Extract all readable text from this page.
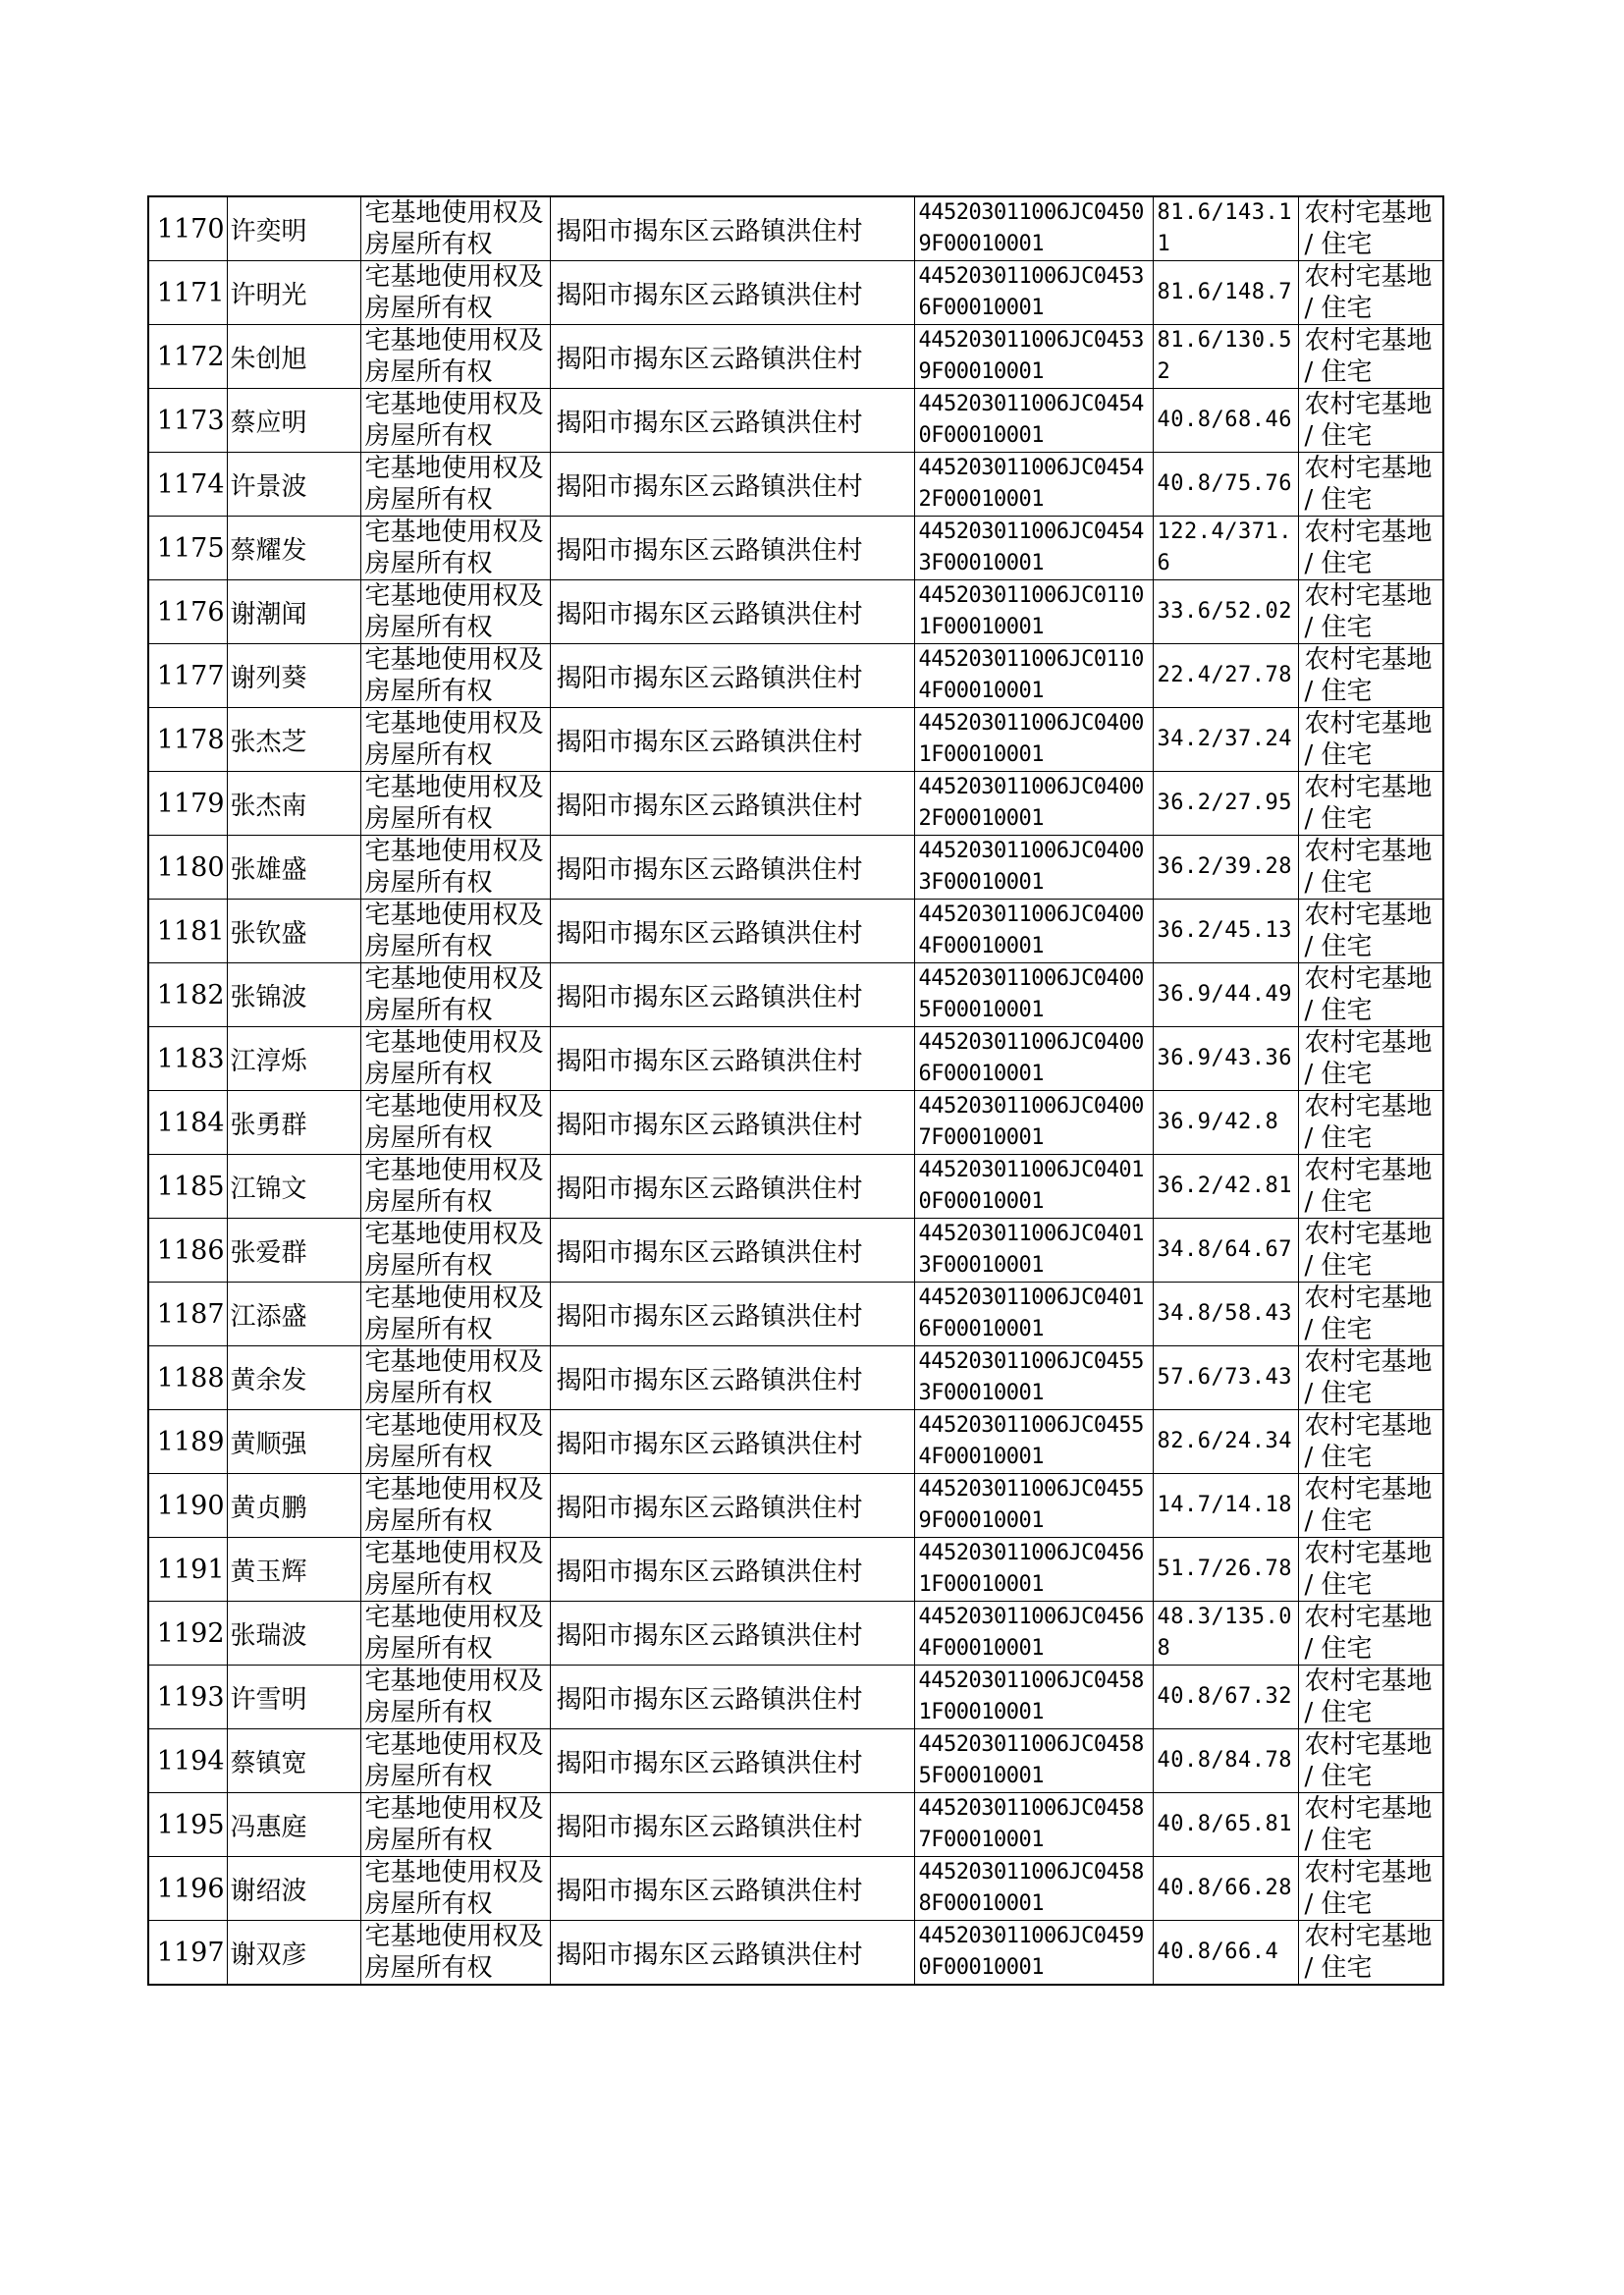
1170	许奕明	宅基地使用权及房屋所有权	揭阳市揭东区云路镇洪住村	445203011006JC04509F00010001	81.6/143.11	农村宅基地 / 住宅

1171	许明光	宅基地使用权及房屋所有权	揭阳市揭东区云路镇洪住村	445203011006JC04536F00010001	81.6/148.7	农村宅基地 / 住宅

1172	朱创旭	宅基地使用权及房屋所有权	揭阳市揭东区云路镇洪住村	445203011006JC04539F00010001	81.6/130.52	农村宅基地 / 住宅

1173	蔡应明	宅基地使用权及房屋所有权	揭阳市揭东区云路镇洪住村	445203011006JC04540F00010001	40.8/68.46	农村宅基地 / 住宅

1174	许景波	宅基地使用权及房屋所有权	揭阳市揭东区云路镇洪住村	445203011006JC04542F00010001	40.8/75.76	农村宅基地 / 住宅

1175	蔡耀发	宅基地使用权及房屋所有权	揭阳市揭东区云路镇洪住村	445203011006JC04543F00010001	122.4/371.6	农村宅基地 / 住宅

1176	谢潮闻	宅基地使用权及房屋所有权	揭阳市揭东区云路镇洪住村	445203011006JC01101F00010001	33.6/52.02	农村宅基地 / 住宅

1177	谢列葵	宅基地使用权及房屋所有权	揭阳市揭东区云路镇洪住村	445203011006JC01104F00010001	22.4/27.78	农村宅基地 / 住宅

1178	张杰芝	宅基地使用权及房屋所有权	揭阳市揭东区云路镇洪住村	445203011006JC04001F00010001	34.2/37.24	农村宅基地 / 住宅

1179	张杰南	宅基地使用权及房屋所有权	揭阳市揭东区云路镇洪住村	445203011006JC04002F00010001	36.2/27.95	农村宅基地 / 住宅

1180	张雄盛	宅基地使用权及房屋所有权	揭阳市揭东区云路镇洪住村	445203011006JC04003F00010001	36.2/39.28	农村宅基地 / 住宅

1181	张钦盛	宅基地使用权及房屋所有权	揭阳市揭东区云路镇洪住村	445203011006JC04004F00010001	36.2/45.13	农村宅基地 / 住宅

1182	张锦波	宅基地使用权及房屋所有权	揭阳市揭东区云路镇洪住村	445203011006JC04005F00010001	36.9/44.49	农村宅基地 / 住宅

1183	江淳烁	宅基地使用权及房屋所有权	揭阳市揭东区云路镇洪住村	445203011006JC04006F00010001	36.9/43.36	农村宅基地 / 住宅

1184	张勇群	宅基地使用权及房屋所有权	揭阳市揭东区云路镇洪住村	445203011006JC04007F00010001	36.9/42.8	农村宅基地 / 住宅

1185	江锦文	宅基地使用权及房屋所有权	揭阳市揭东区云路镇洪住村	445203011006JC04010F00010001	36.2/42.81	农村宅基地 / 住宅

1186	张爱群	宅基地使用权及房屋所有权	揭阳市揭东区云路镇洪住村	445203011006JC04013F00010001	34.8/64.67	农村宅基地 / 住宅

1187	江添盛	宅基地使用权及房屋所有权	揭阳市揭东区云路镇洪住村	445203011006JC04016F00010001	34.8/58.43	农村宅基地 / 住宅

1188	黄余发	宅基地使用权及房屋所有权	揭阳市揭东区云路镇洪住村	445203011006JC04553F00010001	57.6/73.43	农村宅基地 / 住宅

1189	黄顺强	宅基地使用权及房屋所有权	揭阳市揭东区云路镇洪住村	445203011006JC04554F00010001	82.6/24.34	农村宅基地 / 住宅

1190	黄贞鹏	宅基地使用权及房屋所有权	揭阳市揭东区云路镇洪住村	445203011006JC04559F00010001	14.7/14.18	农村宅基地 / 住宅

1191	黄玉辉	宅基地使用权及房屋所有权	揭阳市揭东区云路镇洪住村	445203011006JC04561F00010001	51.7/26.78	农村宅基地 / 住宅

1192	张瑞波	宅基地使用权及房屋所有权	揭阳市揭东区云路镇洪住村	445203011006JC04564F00010001	48.3/135.08	农村宅基地 / 住宅

1193	许雪明	宅基地使用权及房屋所有权	揭阳市揭东区云路镇洪住村	445203011006JC04581F00010001	40.8/67.32	农村宅基地 / 住宅

1194	蔡镇宽	宅基地使用权及房屋所有权	揭阳市揭东区云路镇洪住村	445203011006JC04585F00010001	40.8/84.78	农村宅基地 / 住宅

1195	冯惠庭	宅基地使用权及房屋所有权	揭阳市揭东区云路镇洪住村	445203011006JC04587F00010001	40.8/65.81	农村宅基地 / 住宅

1196	谢绍波	宅基地使用权及房屋所有权	揭阳市揭东区云路镇洪住村	445203011006JC04588F00010001	40.8/66.28	农村宅基地 / 住宅

1197	谢双彦	宅基地使用权及房屋所有权	揭阳市揭东区云路镇洪住村	445203011006JC04590F00010001	40.8/66.4	农村宅基地 / 住宅
